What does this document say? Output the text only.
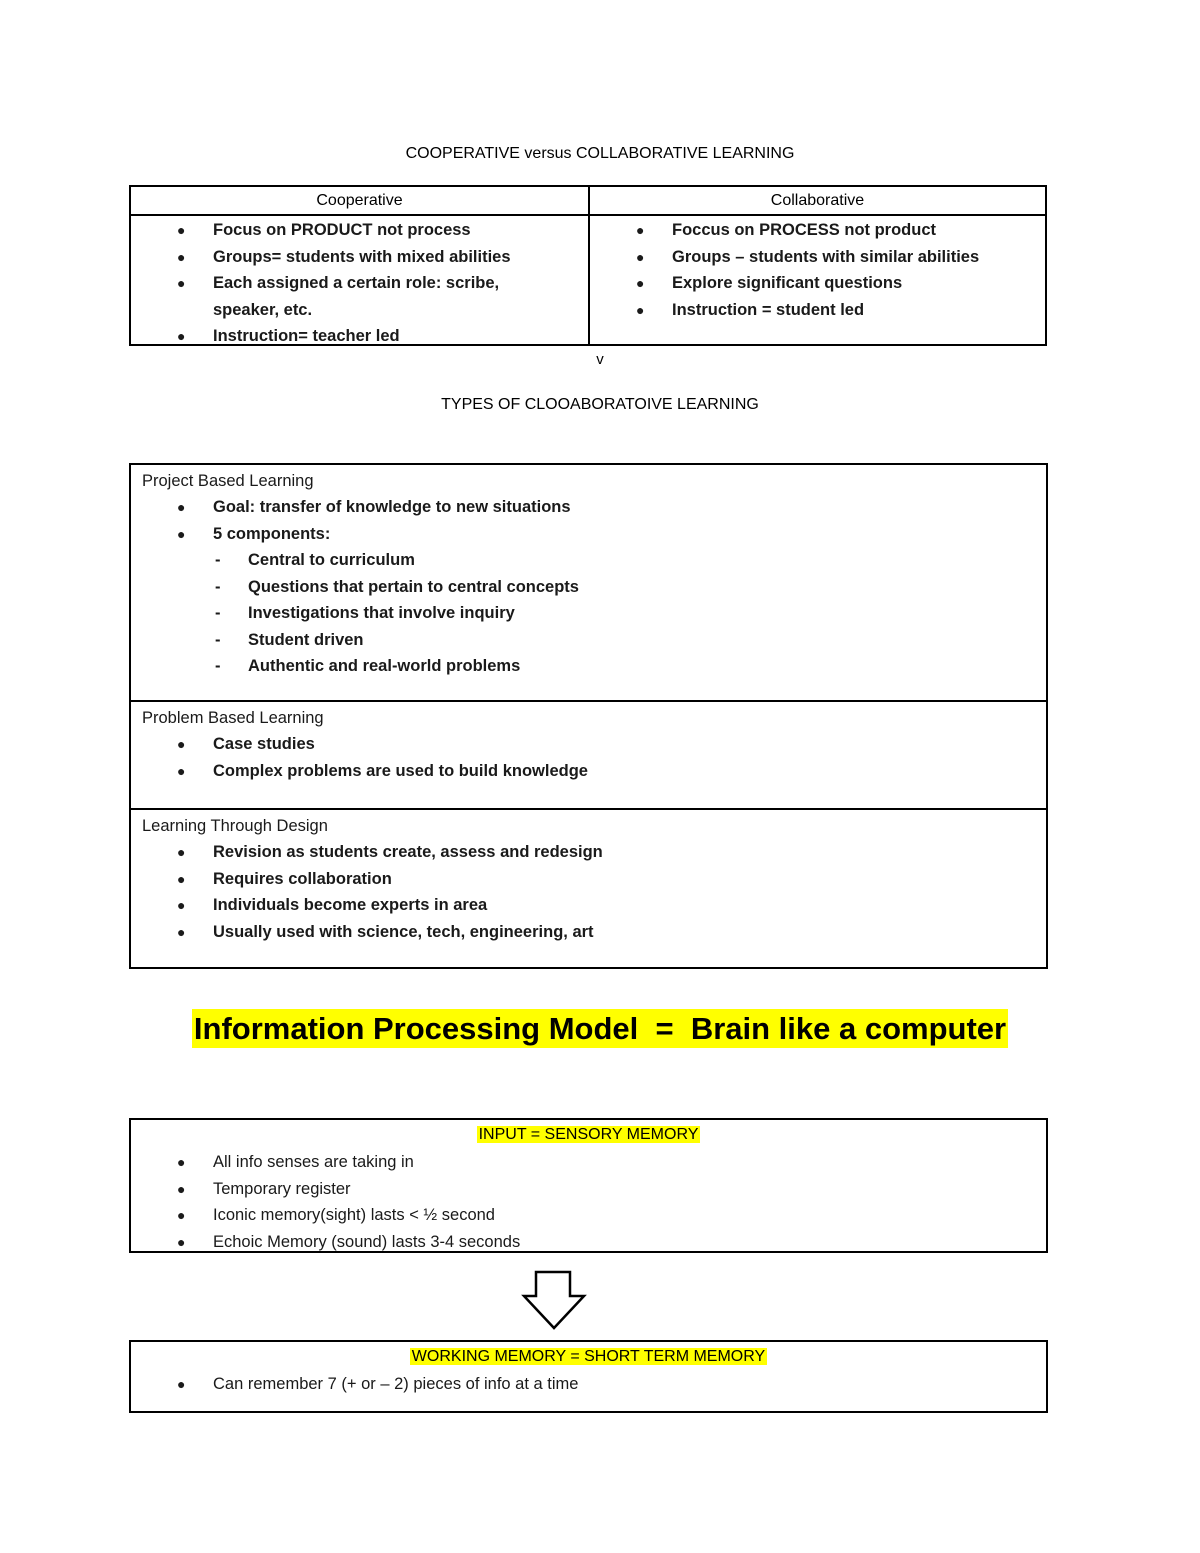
COOPERATIVE versus COLLABORATIVE LEARNING
Cooperative
● Focus on PRODUCT not process
● Groups= students with mixed abilities
● Each assigned a certain role: scribe, speaker, etc.
● Instruction= teacher led
Collaborative
● Foccus on PROCESS not product
● Groups – students with similar abilities
● Explore significant questions
● Instruction = student led
v
TYPES OF CLOOABORATOIVE LEARNING
Project Based Learning
● Goal: transfer of knowledge to new situations
● 5 components:
- Central to curriculum
- Questions that pertain to central concepts
- Investigations that involve inquiry
- Student driven
- Authentic and real-world problems
Problem Based Learning
● Case studies
● Complex problems are used to build knowledge
Learning Through Design
● Revision as students create, assess and redesign
● Requires collaboration
● Individuals become experts in area
● Usually used with science, tech, engineering, art
Information Processing Model  =  Brain like a computer
INPUT = SENSORY MEMORY
● All info senses are taking in
● Temporary register
● Iconic memory(sight) lasts < ½ second
● Echoic Memory (sound) lasts 3-4 seconds
WORKING MEMORY = SHORT TERM MEMORY
● Can remember 7 (+ or – 2) pieces of info at a time
